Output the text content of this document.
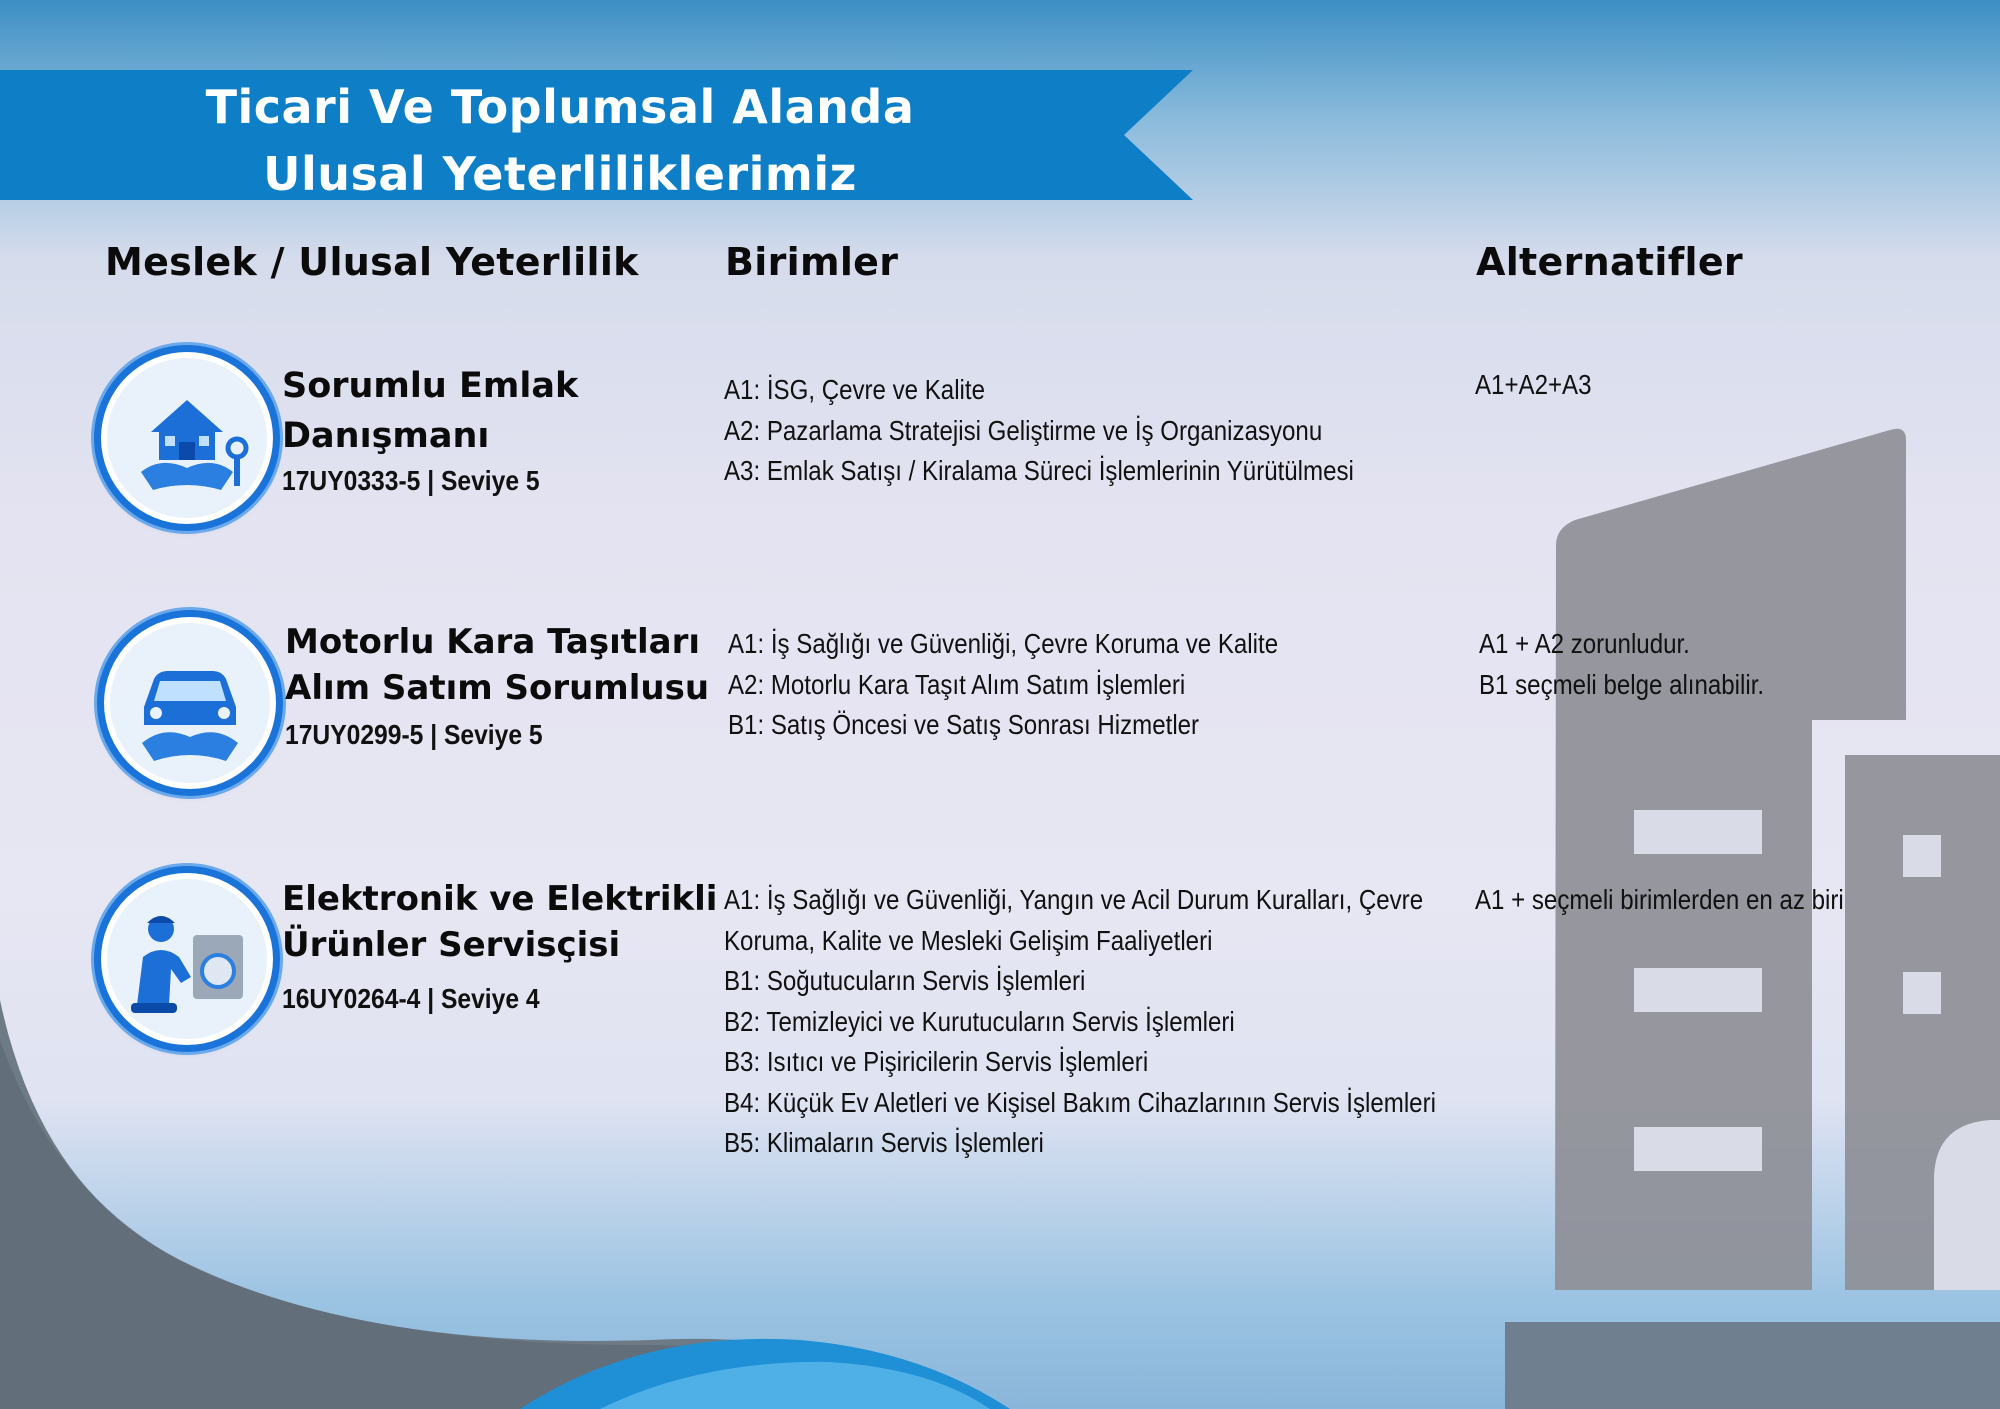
Ticari Ve Toplumsal Alanda
Ulusal Yeterliliklerimiz
Meslek / Ulusal Yeterlilik Birimler	Alternatifler
Sorumlu Emlak
Danışmanı
17UY0333-5 | Seviye 5
A1: İSG, Çevre ve Kalite
A2: Pazarlama Stratejisi Geliştirme ve İş Organizasyonu
A3: Emlak Satışı / Kiralama Süreci İşlemlerinin Yürütülmesi
A1+A2+A3
Motorlu Kara Taşıtları
Alım Satım Sorumlusu
17UY0299-5 | Seviye 5
A1: İş Sağlığı ve Güvenliği, Çevre Koruma ve Kalite
A2: Motorlu Kara Taşıt Alım Satım İşlemleri
B1: Satış Öncesi ve Satış Sonrası Hizmetler
A1 + A2 zorunludur.
B1 seçmeli belge alınabilir.
Elektronik ve Elektrikli
Ürünler Servisçisi
16UY0264-4 | Seviye 4
A1: İş Sağlığı ve Güvenliği, Yangın ve Acil Durum Kuralları, Çevre
Koruma, Kalite ve Mesleki Gelişim Faaliyetleri
B1: Soğutucuların Servis İşlemleri
B2: Temizleyici ve Kurutucuların Servis İşlemleri
B3: Isıtıcı ve Pişiricilerin Servis İşlemleri
B4: Küçük Ev Aletleri ve Kişisel Bakım Cihazlarının Servis İşlemleri
B5: Klimaların Servis İşlemleri
A1 + seçmeli birimlerden en az biri
